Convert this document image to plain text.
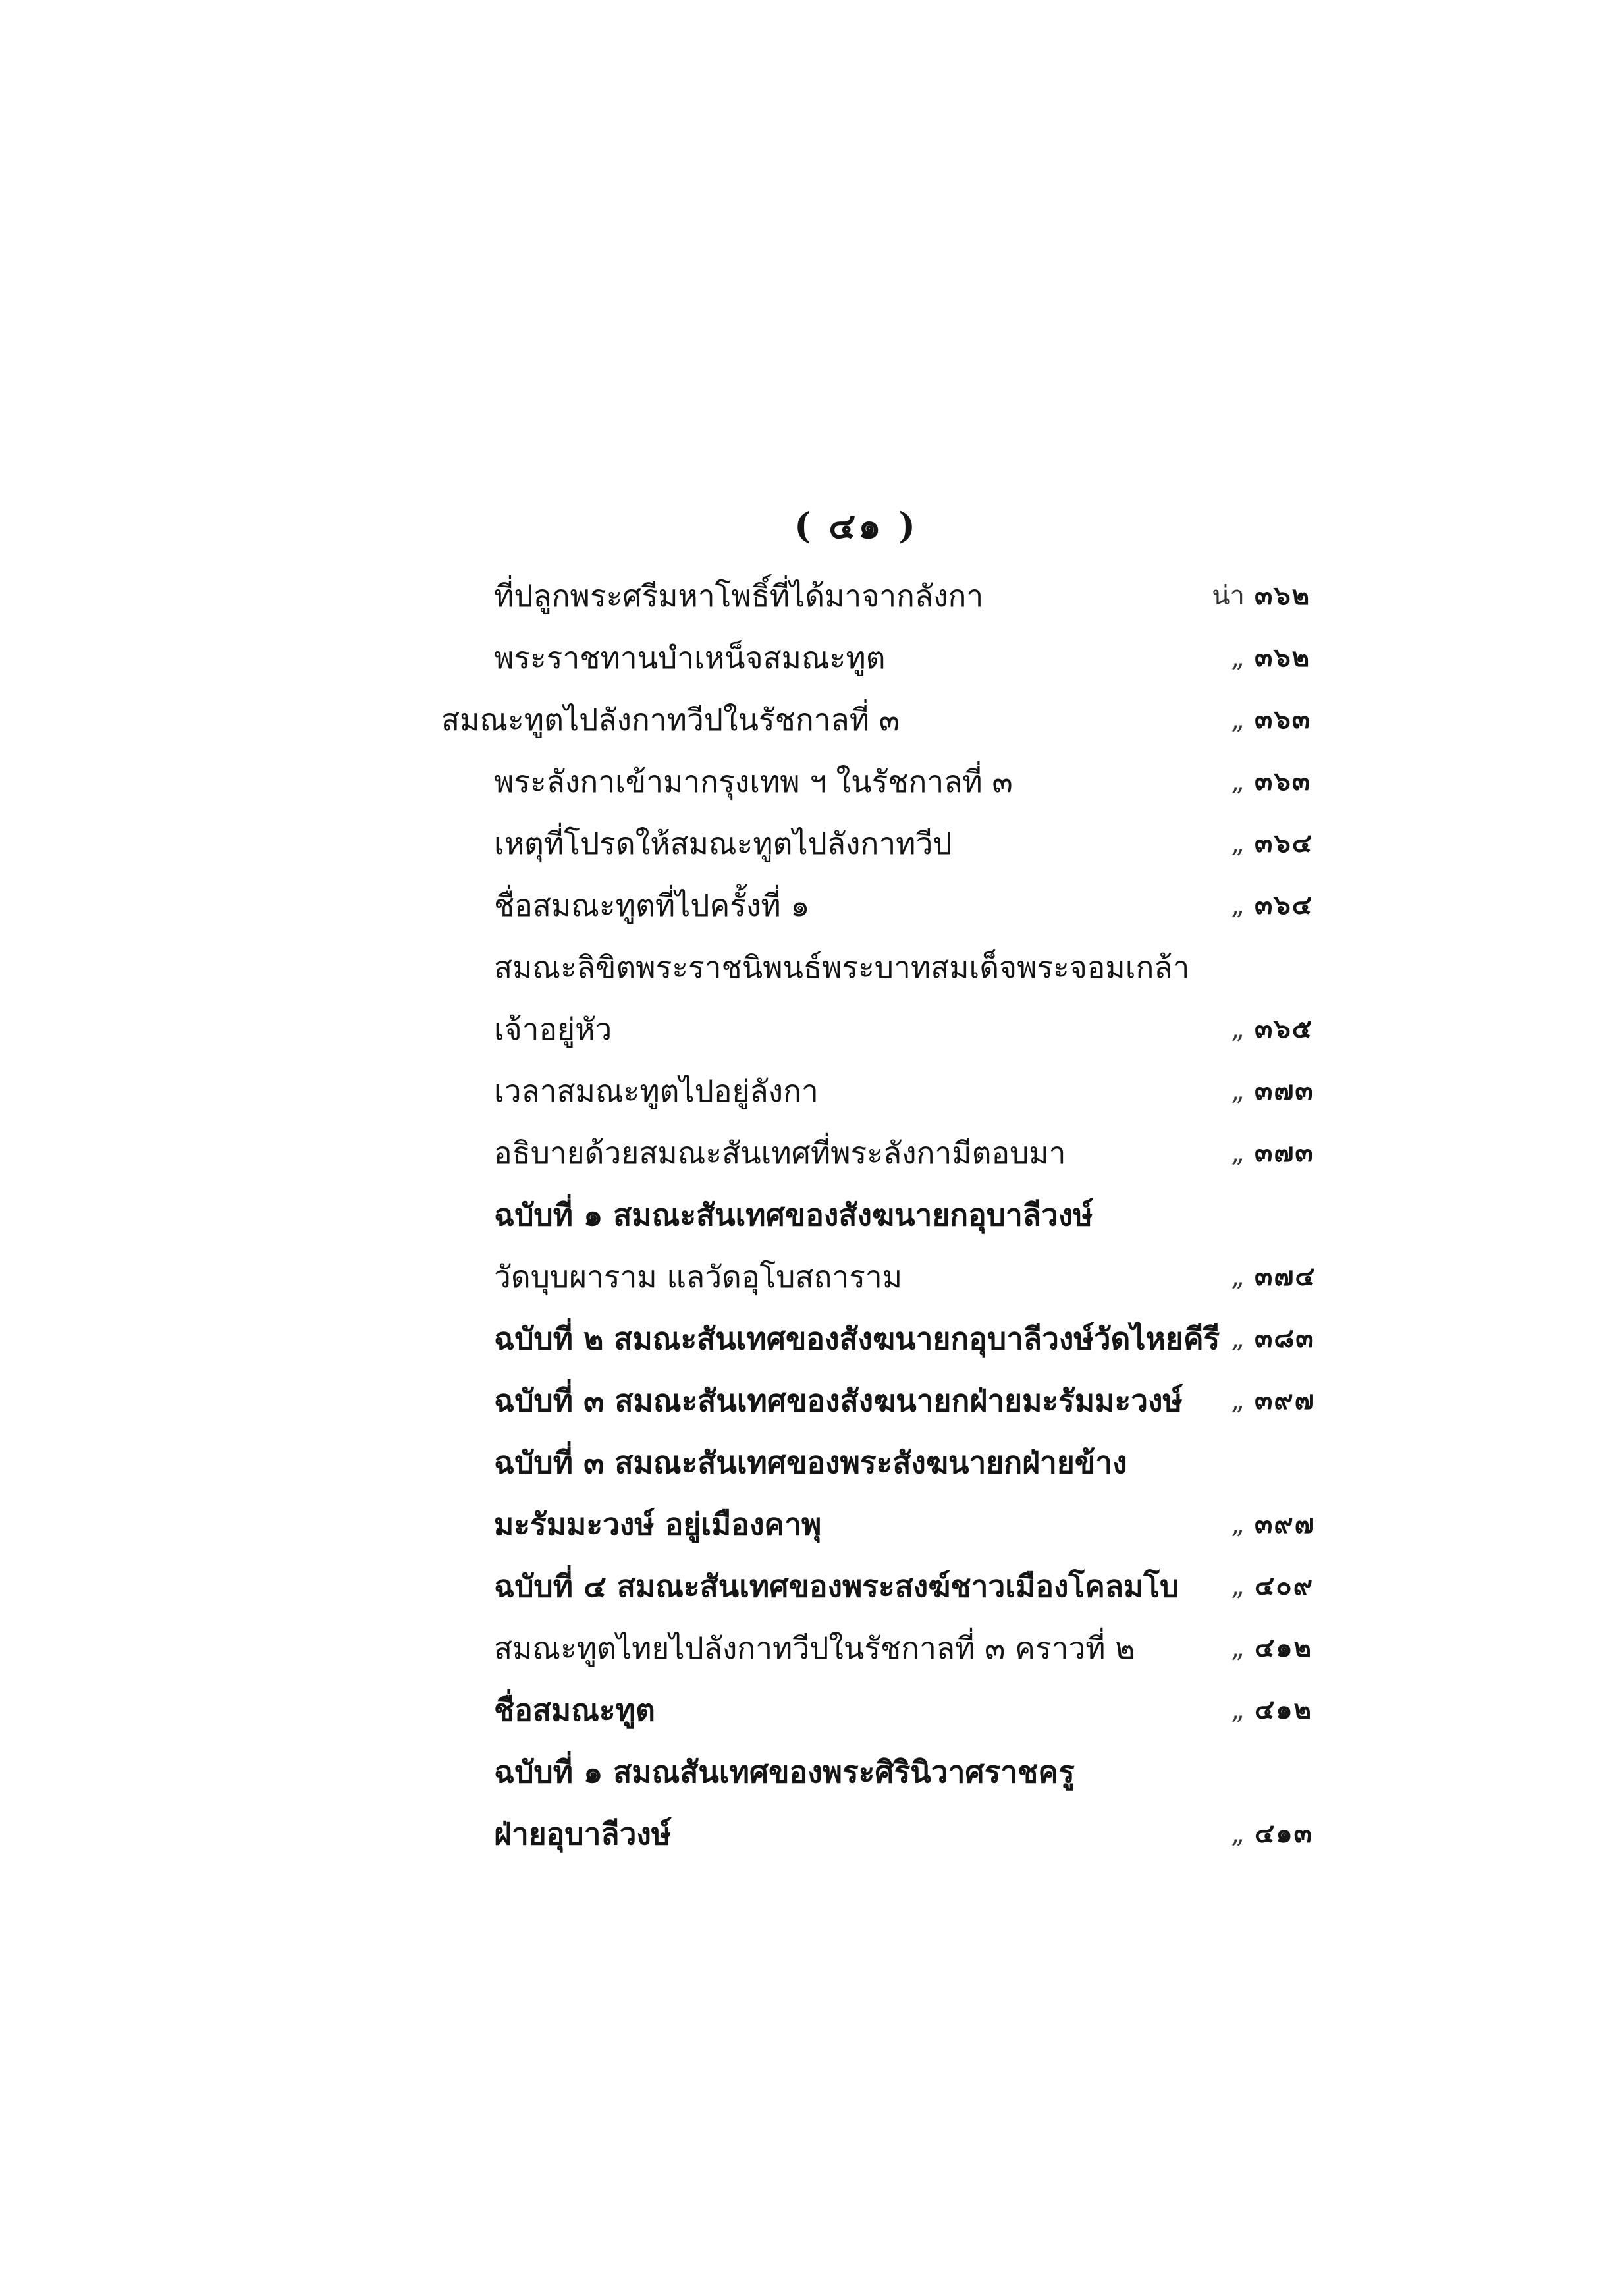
( ๔๑ )
ที่ปลูกพระศรีมหาโพธิ์ที่ได้มาจากลังกา	น่า ๓๖๒
พระราชทานบำเหน็จสมณะทูต	„ ๓๖๒
สมณะทูตไปลังกาทวีปในรัชกาลที่ ๓	„ ๓๖๓
พระลังกาเข้ามากรุงเทพ ฯ ในรัชกาลที่ ๓	„ ๓๖๓
เหตุที่โปรดให้สมณะทูตไปลังกาทวีป	„ ๓๖๔
ชื่อสมณะทูตที่ไปครั้งที่ ๑	„ ๓๖๔
สมณะลิขิตพระราชนิพนธ์พระบาทสมเด็จพระจอมเกล้า
เจ้าอยู่หัว	„ ๓๖๕
เวลาสมณะทูตไปอยู่ลังกา	„ ๓๗๓
อธิบายด้วยสมณะสันเทศที่พระลังกามีตอบมา	„ ๓๗๓
ฉบับที่ ๑ สมณะสันเทศของสังฆนายกอุบาลีวงษ์
วัดบุบผาราม แลวัดอุโบสถาราม	„ ๓๗๔
ฉบับที่ ๒ สมณะสันเทศของสังฆนายกอุบาลีวงษ์วัดไหยคีรี „ ๓๘๓
ฉบับที่ ๓ สมณะสันเทศของสังฆนายกฝ่ายมะรัมมะวงษ์	„ ๓๙๗
ฉบับที่ ๓ สมณะสันเทศของพระสังฆนายกฝ่ายข้าง
มะรัมมะวงษ์ อยู่เมืองคาพุ	„ ๓๙๗
ฉบับที่ ๔ สมณะสันเทศของพระสงฆ์ชาวเมืองโคลมโบ	„ ๔๐๙
สมณะทูตไทยไปลังกาทวีปในรัชกาลที่ ๓ คราวที่ ๒	„ ๔๑๒
ชื่อสมณะทูต	„ ๔๑๒
ฉบับที่ ๑ สมณสันเทศของพระศิรินิวาศราชครู
ฝ่ายอุบาลีวงษ์	„ ๔๑๓
